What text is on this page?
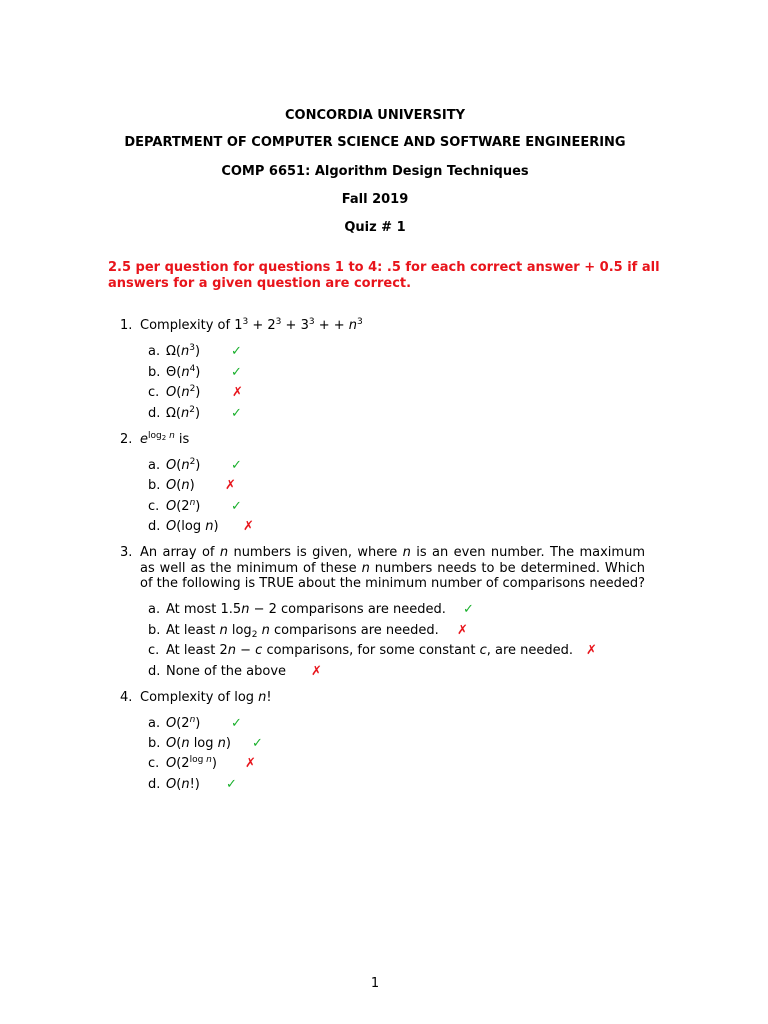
CONCORDIA UNIVERSITY
DEPARTMENT OF COMPUTER SCIENCE AND SOFTWARE ENGINEERING
COMP 6651: Algorithm Design Techniques
Fall 2019
Quiz # 1
2.5 per question for questions 1 to 4: .5 for each correct answer + 0.5 if all answers for a given question are correct.
1. Complexity of $1^3 + 2^3 + 3^3$ + + $n^3$
a. $\Omega(n^3)$ ✓
b. $\Theta(n^4)$ ✓
c. $O(n^2)$ ✗
d. $\Omega(n^2)$ ✓
2. $e^{log_2 n}$ is
a. $O(n^2)$ ✓
b. O(n) ✗
c. O(2$^n$) ✓
d. O(log n) ✗
3. An array of n numbers is given, where n is an even number. The maximum as well as the minimum of these n numbers needs to be determined. Which of the following is TRUE about the minimum number of comparisons needed?
a. At most 1.5n − 2 comparisons are needed. ✓
b. At least n $\log_2 n$ comparisons are needed. ✗
c. At least 2n − c comparisons, for some constant c, are needed. ✗
d. None of the above ✗
4. Complexity of log n!
a. O(2$^n$) ✓
b. O(n log n) ✓
c. $O(2^{log n})$ ✗
d. O(n!) ✓
1
